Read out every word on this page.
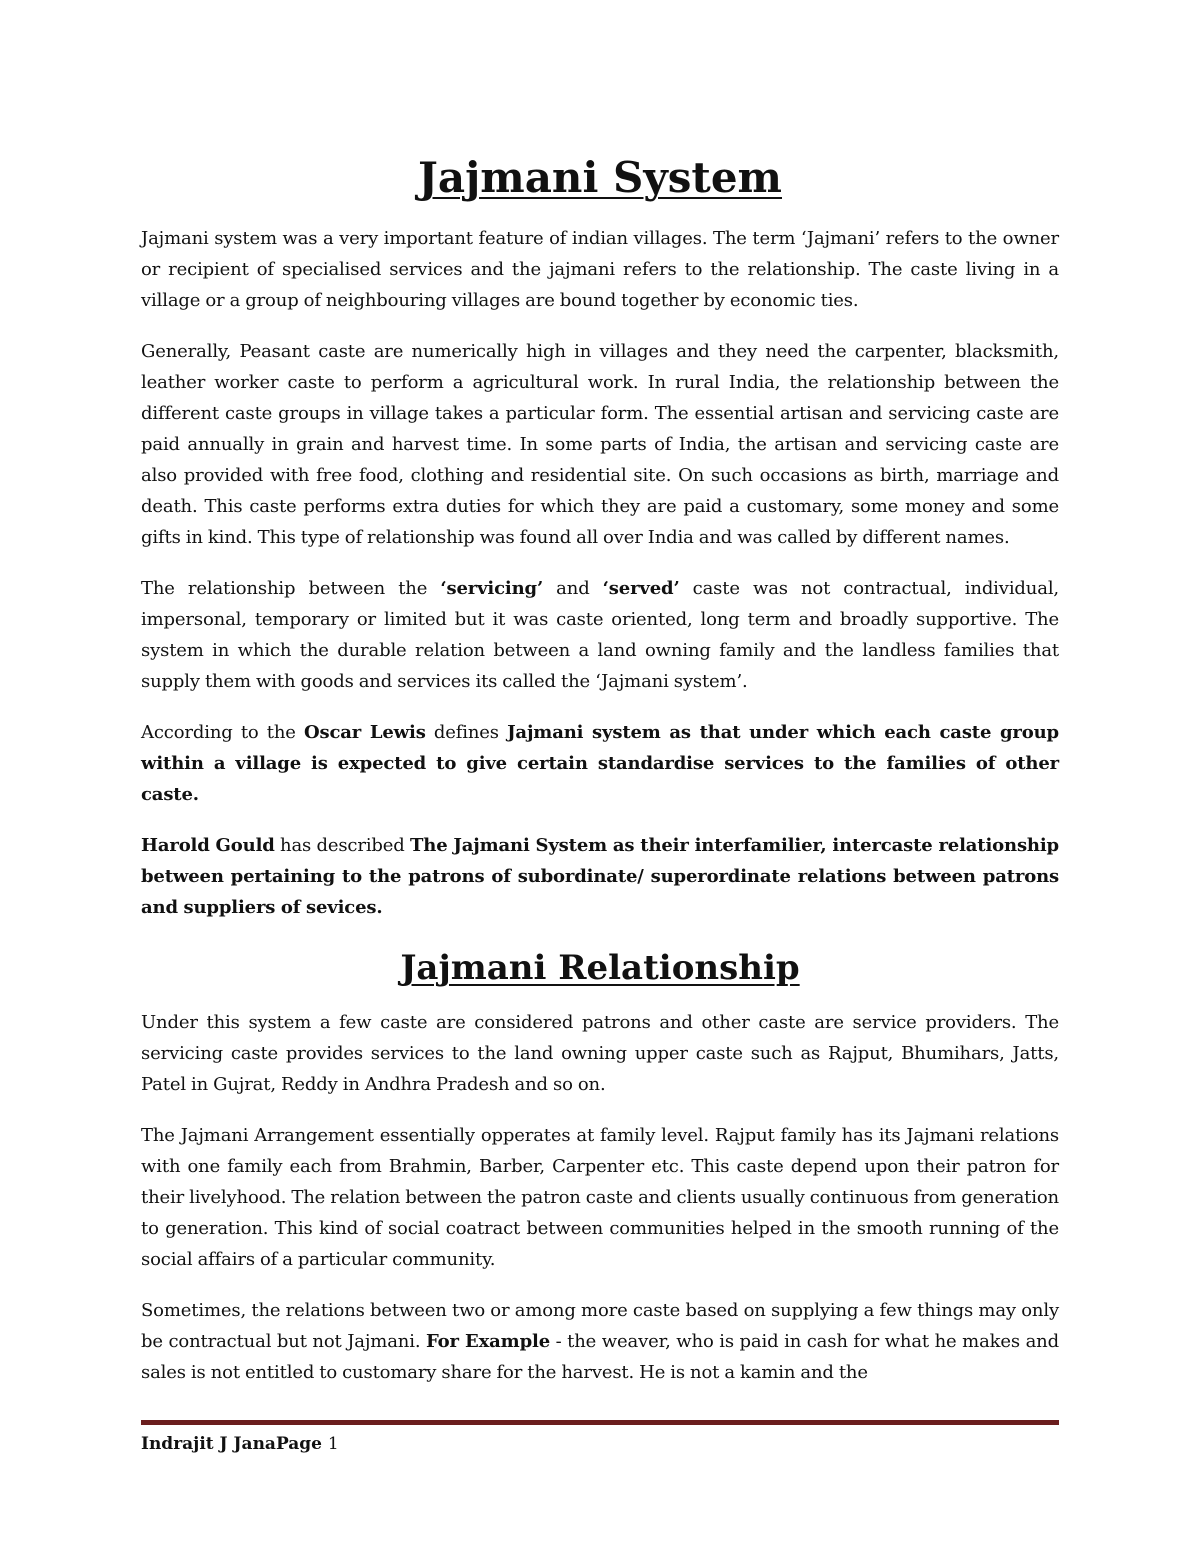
Jajmani System

Jajmani system was a very important feature of indian villages. The term ‘Jajmani’ refers to the owner or recipient of specialised services and the jajmani refers to the relationship. The caste living in a village or a group of neighbouring villages are bound together by economic ties.

Generally, Peasant caste are numerically high in villages and they need the carpenter, blacksmith, leather worker caste to perform a agricultural work. In rural India, the relationship between the different caste groups in village takes a particular form. The essential artisan and servicing caste are paid annually in grain and harvest time. In some parts of India, the artisan and servicing caste are also provided with free food, clothing and residential site. On such occasions as birth, marriage and death. This caste performs extra duties for which they are paid a customary, some money and some gifts in kind. This type of relationship was found all over India and was called by different names.

The relationship between the ‘servicing’ and ‘served’ caste was not contractual, individual, impersonal, temporary or limited but it was caste oriented, long term and broadly supportive. The system in which the durable relation between a land owning family and the landless families that supply them with goods and services its called the ‘Jajmani system’.

According to the Oscar Lewis defines Jajmani system as that under which each caste group within a village is expected to give certain standardise services to the families of other caste.

Harold Gould has described The Jajmani System as their interfamilier, intercaste relationship between pertaining to the patrons of subordinate/ superordinate relations between patrons and suppliers of sevices.

Jajmani Relationship

Under this system a few caste are considered patrons and other caste are service providers. The servicing caste provides services to the land owning upper caste such as Rajput, Bhumihars, Jatts, Patel in Gujrat, Reddy in Andhra Pradesh and so on.

The Jajmani Arrangement essentially opperates at family level. Rajput family has its Jajmani relations with one family each from Brahmin, Barber, Carpenter etc. This caste depend upon their patron for their livelyhood. The relation between the patron caste and clients usually continuous from generation to generation. This kind of social coatract between communities helped in the smooth running of the social affairs of a particular community.

Sometimes, the relations between two or among more caste based on supplying a few things may only be contractual but not Jajmani. For Example - the weaver, who is paid in cash for what he makes and sales is not entitled to customary share for the harvest. He is not a kamin and the

Indrajit J JanaPage 1
